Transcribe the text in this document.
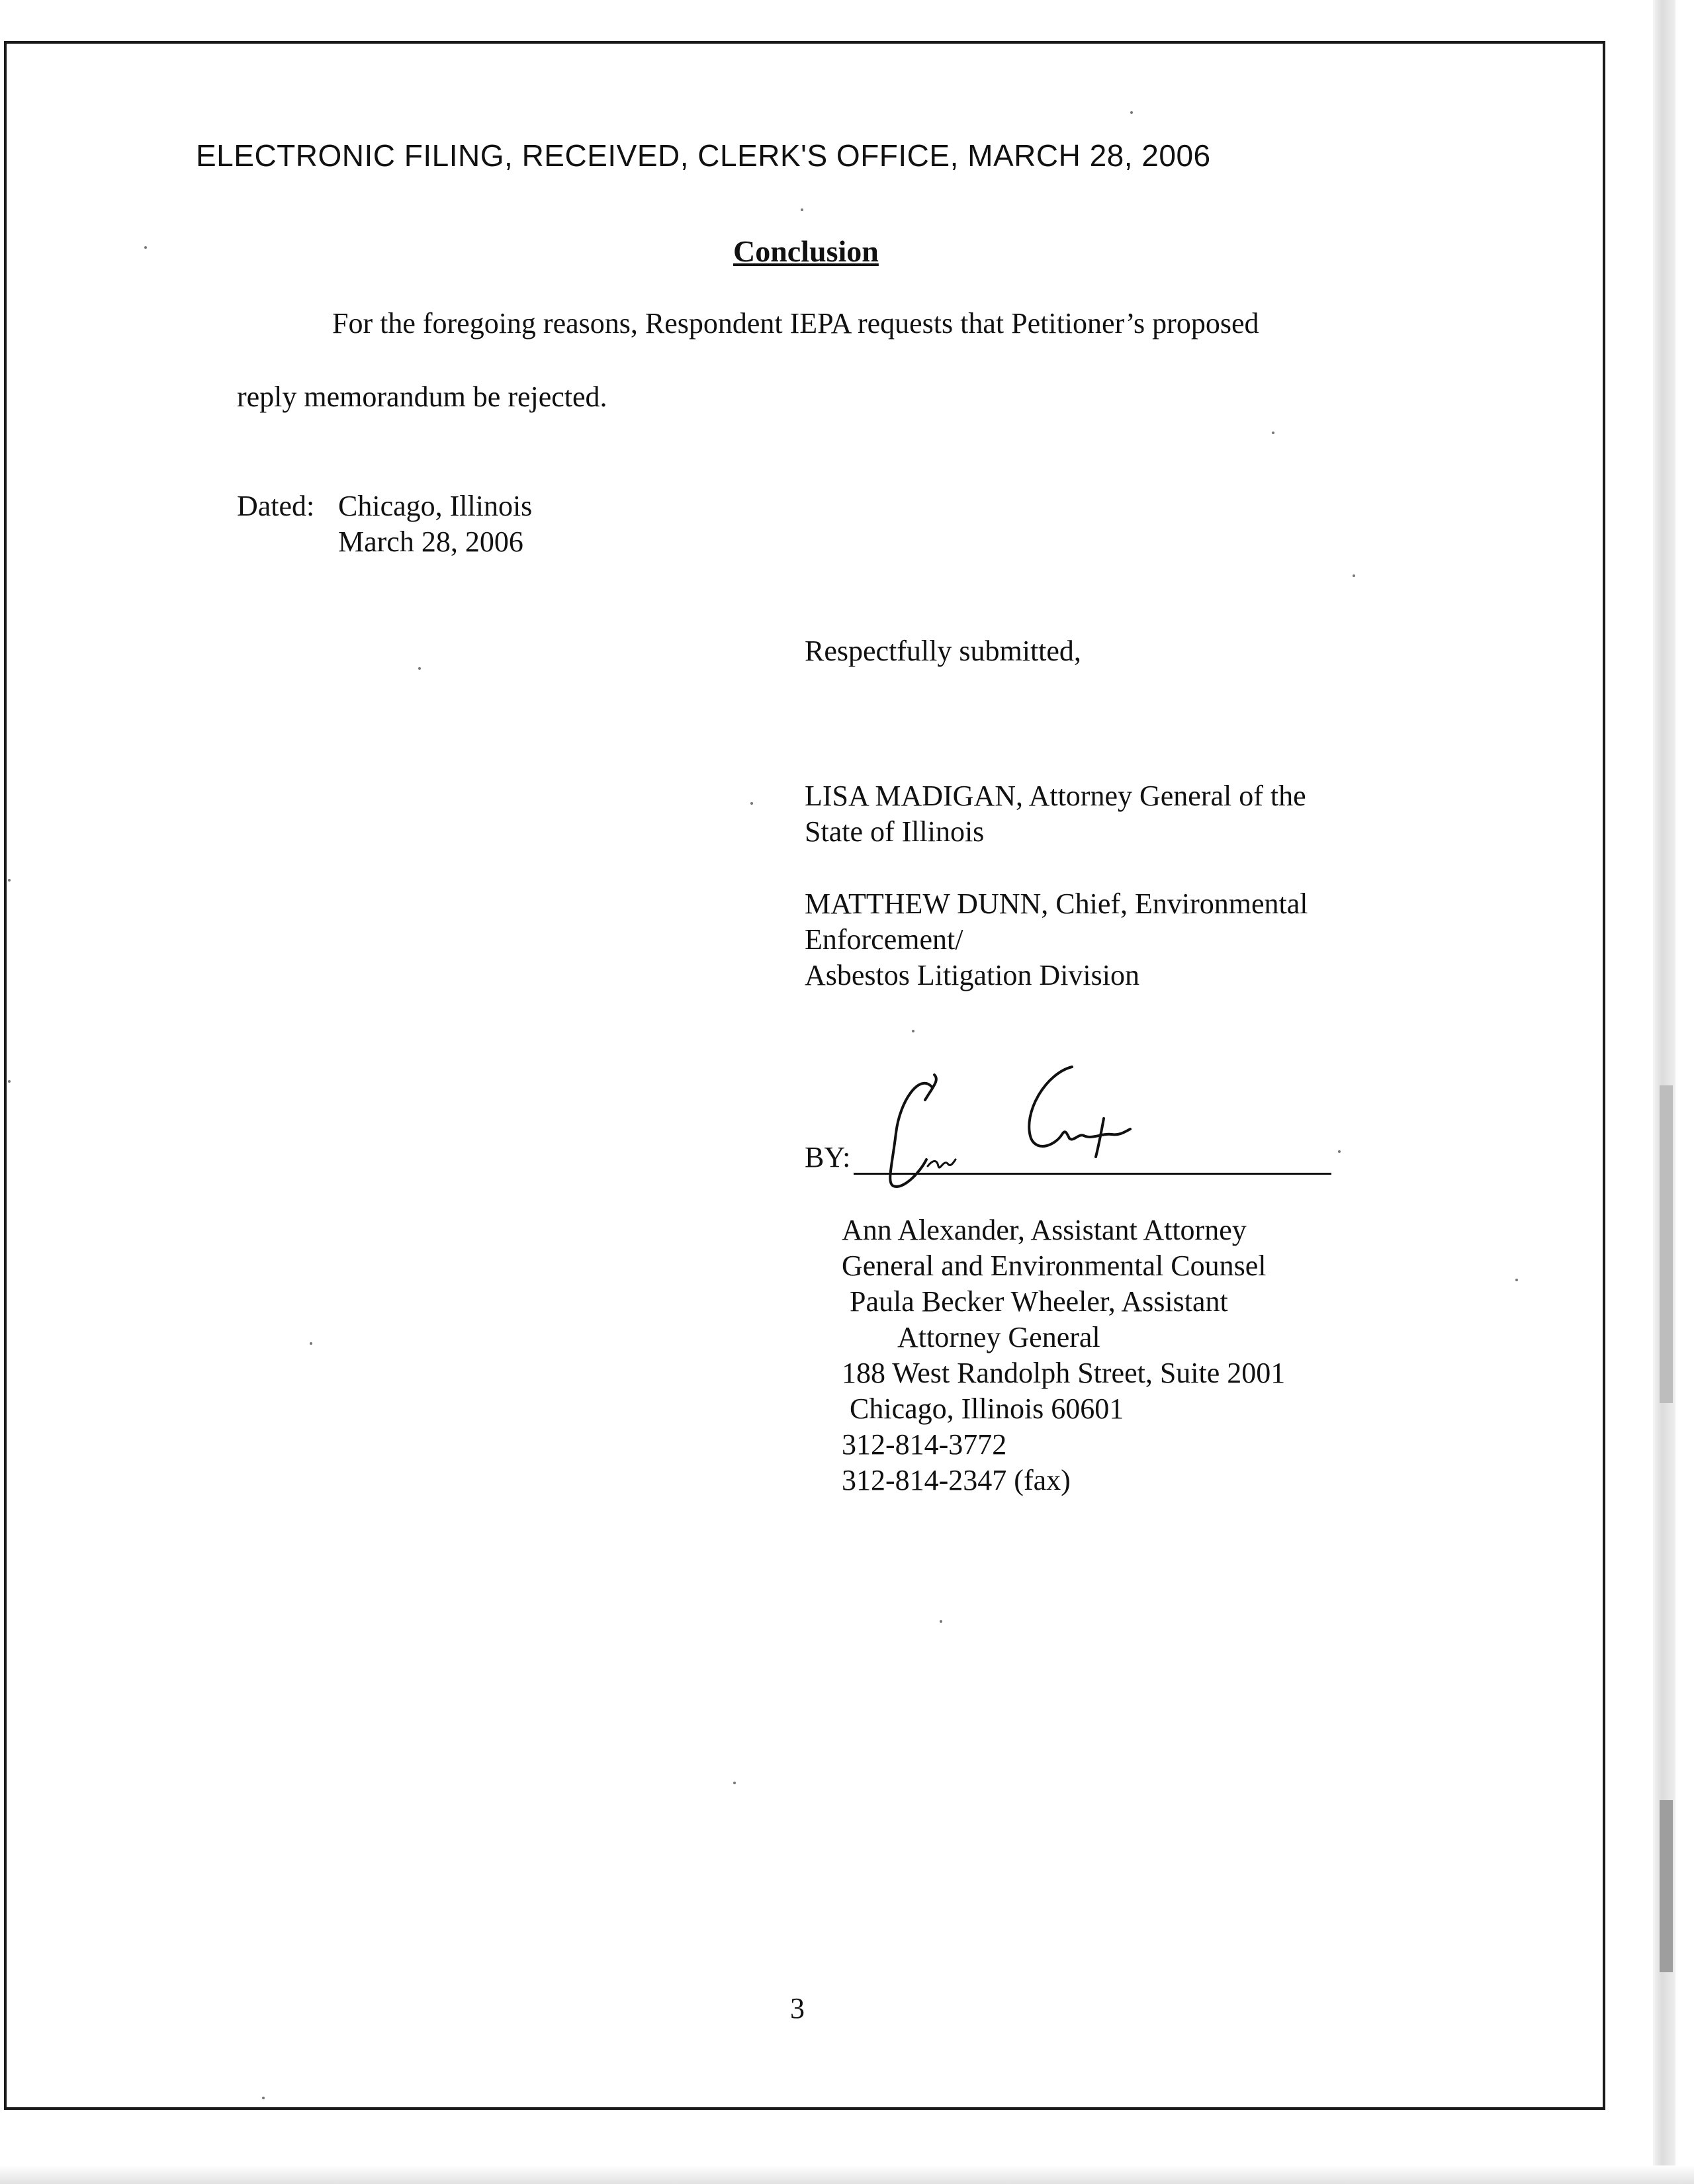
ELECTRONIC FILING, RECEIVED, CLERK'S OFFICE, MARCH 28, 2006
Conclusion
For the foregoing reasons, Respondent IEPA requests that Petitioner’s proposed
reply memorandum be rejected.
Dated: Chicago, Illinois
March 28, 2006
Respectfully submitted,
LISA MADIGAN, Attorney General of the
State of Illinois
MATTHEW DUNN, Chief, Environmental
Enforcement/
Asbestos Litigation Division
BY:
Ann Alexander, Assistant Attorney
General and Environmental Counsel
Paula Becker Wheeler, Assistant
Attorney General
188 West Randolph Street, Suite 2001
Chicago, Illinois 60601
312-814-3772
312-814-2347 (fax)
3
